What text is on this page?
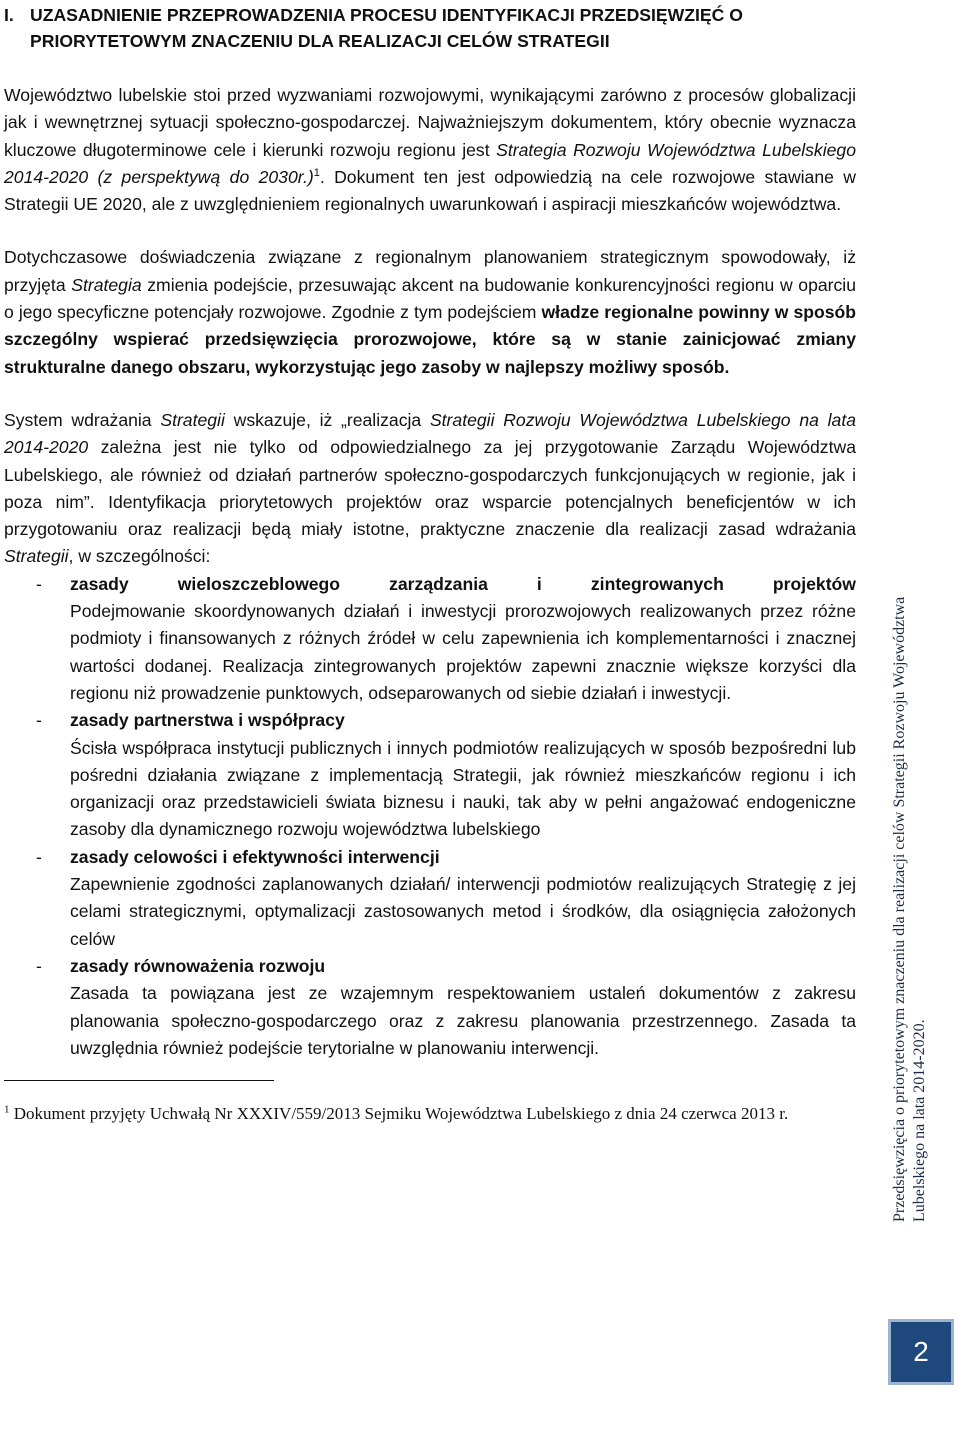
I. UZASADNIENIE PRZEPROWADZENIA PROCESU IDENTYFIKACJI PRZEDSIĘWZIĘĆ O PRIORYTETOWYM ZNACZENIU DLA REALIZACJI CELÓW STRATEGII

Województwo lubelskie stoi przed wyzwaniami rozwojowymi, wynikającymi zarówno z procesów globalizacji jak i wewnętrznej sytuacji społeczno-gospodarczej. Najważniejszym dokumentem, który obecnie wyznacza kluczowe długoterminowe cele i kierunki rozwoju regionu jest Strategia Rozwoju Województwa Lubelskiego 2014-2020 (z perspektywą do 2030r.)$^1$. Dokument ten jest odpowiedzią na cele rozwojowe stawiane w Strategii UE 2020, ale z uwzględnieniem regionalnych uwarunkowań i aspiracji mieszkańców województwa.

Dotychczasowe doświadczenia związane z regionalnym planowaniem strategicznym spowodowały, iż przyjęta Strategia zmienia podejście, przesuwając akcent na budowanie konkurencyjności regionu w oparciu o jego specyficzne potencjały rozwojowe. Zgodnie z tym podejściem władze regionalne powinny w sposób szczególny wspierać przedsięwzięcia prorozwojowe, które są w stanie zainicjować zmiany strukturalne danego obszaru, wykorzystując jego zasoby w najlepszy możliwy sposób.

System wdrażania Strategii wskazuje, iż „realizacja Strategii Rozwoju Województwa Lubelskiego na lata 2014-2020 zależna jest nie tylko od odpowiedzialnego za jej przygotowanie Zarządu Województwa Lubelskiego, ale również od działań partnerów społeczno-gospodarczych funkcjonujących w regionie, jak i poza nim”. Identyfikacja priorytetowych projektów oraz wsparcie potencjalnych beneficjentów w ich przygotowaniu oraz realizacji będą miały istotne, praktyczne znaczenie dla realizacji zasad wdrażania Strategii, w szczególności:

- zasady wieloszczeblowego zarządzania i zintegrowanych projektów
Podejmowanie skoordynowanych działań i inwestycji prorozwojowych realizowanych przez różne podmioty i finansowanych z różnych źródeł w celu zapewnienia ich komplementarności i znacznej wartości dodanej. Realizacja zintegrowanych projektów zapewni znacznie większe korzyści dla regionu niż prowadzenie punktowych, odseparowanych od siebie działań i inwestycji.
- zasady partnerstwa i współpracy
Ścisła współpraca instytucji publicznych i innych podmiotów realizujących w sposób bezpośredni lub pośredni działania związane z implementacją Strategii, jak również mieszkańców regionu i ich organizacji oraz przedstawicieli świata biznesu i nauki, tak aby w pełni angażować endogeniczne zasoby dla dynamicznego rozwoju województwa lubelskiego
- zasady celowości i efektywności interwencji
Zapewnienie zgodności zaplanowanych działań/ interwencji podmiotów realizujących Strategię z jej celami strategicznymi, optymalizacji zastosowanych metod i środków, dla osiągnięcia założonych celów
- zasady równoważenia rozwoju
Zasada ta powiązana jest ze wzajemnym respektowaniem ustaleń dokumentów z zakresu planowania społeczno-gospodarczego oraz z zakresu planowania przestrzennego. Zasada ta uwzględnia również podejście terytorialne w planowaniu interwencji.
$^1$ Dokument przyjęty Uchwałą Nr XXXIV/559/2013 Sejmiku Województwa Lubelskiego z dnia 24 czerwca 2013 r.	Przedsięwzięcia o priorytetowym znaczeniu dla realizacji celów Strategii Rozwoju Województwa Lubelskiego na lata 2014-2020.
2
